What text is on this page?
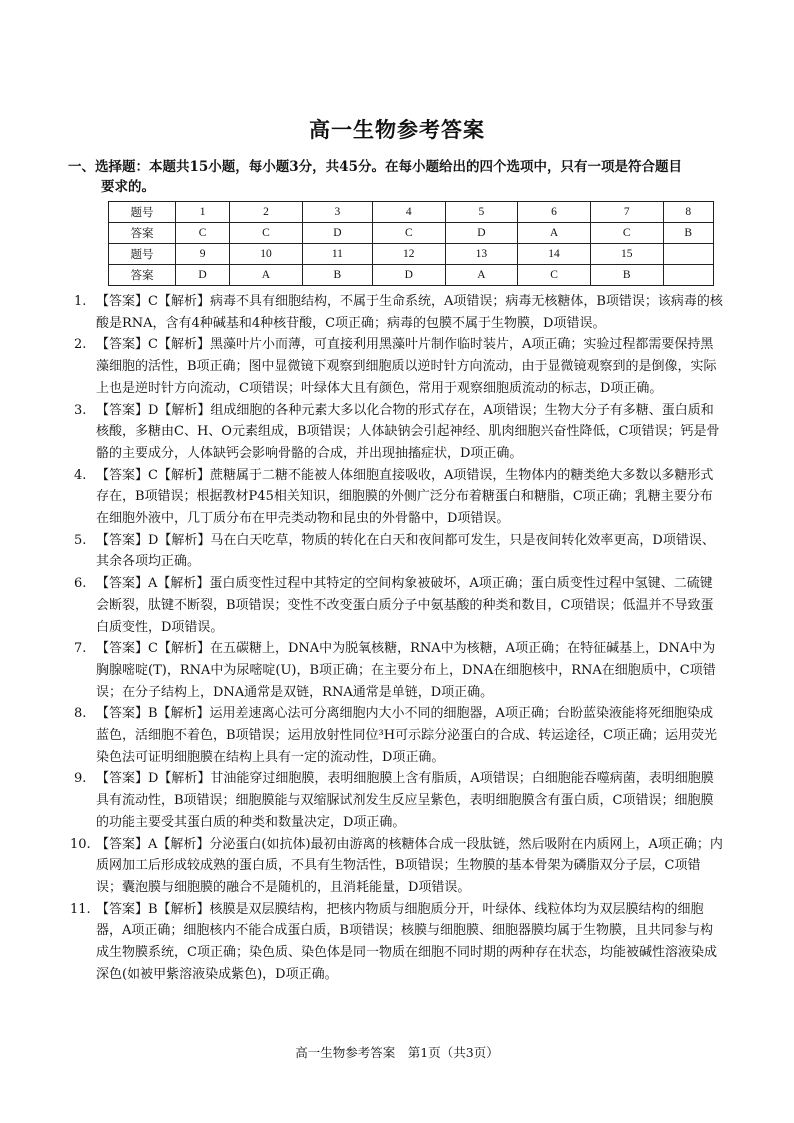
高一生物参考答案
一、选择题：本题共15小题，每小题3分，共45分。在每小题给出的四个选项中，只有一项是符合题目
要求的。
题号	1	2	3	4	5	6	7	8
答案	C	C	D	C	D	A	C	B
题号	9	10	11	12	13	14	15	
答案	D	A	B	D	A	C	B	
1. 【答案】C【解析】病毒不具有细胞结构，不属于生命系统，A项错误；病毒无核糖体，B项错误；该病毒的核酸是RNA，含有4种碱基和4种核苷酸，C项正确；病毒的包膜不属于生物膜，D项错误。
2. 【答案】C【解析】黑藻叶片小而薄，可直接利用黑藻叶片制作临时装片，A项正确；实验过程都需要保持黑藻细胞的活性，B项正确；图中显微镜下观察到细胞质以逆时针方向流动，由于显微镜观察到的是倒像，实际上也是逆时针方向流动，C项错误；叶绿体大且有颜色，常用于观察细胞质流动的标志，D项正确。
3. 【答案】D【解析】组成细胞的各种元素大多以化合物的形式存在，A项错误；生物大分子有多糖、蛋白质和核酸，多糖由C、H、O元素组成，B项错误；人体缺钠会引起神经、肌肉细胞兴奋性降低，C项错误；钙是骨骼的主要成分，人体缺钙会影响骨骼的合成，并出现抽搐症状，D项正确。
4. 【答案】C【解析】蔗糖属于二糖不能被人体细胞直接吸收，A项错误，生物体内的糖类绝大多数以多糖形式存在，B项错误；根据教材P45相关知识，细胞膜的外侧广泛分布着糖蛋白和糖脂，C项正确；乳糖主要分布在细胞外液中，几丁质分布在甲壳类动物和昆虫的外骨骼中，D项错误。
5. 【答案】D【解析】马在白天吃草，物质的转化在白天和夜间都可发生，只是夜间转化效率更高，D项错误、其余各项均正确。
6. 【答案】A【解析】蛋白质变性过程中其特定的空间构象被破坏，A项正确；蛋白质变性过程中氢键、二硫键会断裂，肽键不断裂，B项错误；变性不改变蛋白质分子中氨基酸的种类和数目，C项错误；低温并不导致蛋白质变性，D项错误。
7. 【答案】C【解析】在五碳糖上，DNA中为脱氧核糖，RNA中为核糖，A项正确；在特征碱基上，DNA中为胸腺嘧啶(T)，RNA中为尿嘧啶(U)，B项正确；在主要分布上，DNA在细胞核中，RNA在细胞质中，C项错误；在分子结构上，DNA通常是双链，RNA通常是单链，D项正确。
8. 【答案】B【解析】运用差速离心法可分离细胞内大小不同的细胞器，A项正确；台盼蓝染液能将死细胞染成蓝色，活细胞不着色，B项错误；运用放射性同位³H可示踪分泌蛋白的合成、转运途径，C项正确；运用荧光染色法可证明细胞膜在结构上具有一定的流动性，D项正确。
9. 【答案】D【解析】甘油能穿过细胞膜，表明细胞膜上含有脂质，A项错误；白细胞能吞噬病菌，表明细胞膜具有流动性，B项错误；细胞膜能与双缩脲试剂发生反应呈紫色，表明细胞膜含有蛋白质，C项错误；细胞膜的功能主要受其蛋白质的种类和数量决定，D项正确。
10. 【答案】A【解析】分泌蛋白(如抗体)最初由游离的核糖体合成一段肽链，然后吸附在内质网上，A项正确；内质网加工后形成较成熟的蛋白质，不具有生物活性，B项错误；生物膜的基本骨架为磷脂双分子层，C项错误；囊泡膜与细胞膜的融合不是随机的，且消耗能量，D项错误。
11. 【答案】B【解析】核膜是双层膜结构，把核内物质与细胞质分开，叶绿体、线粒体均为双层膜结构的细胞器，A项正确；细胞核内不能合成蛋白质，B项错误；核膜与细胞膜、细胞器膜均属于生物膜，且共同参与构成生物膜系统，C项正确；染色质、染色体是同一物质在细胞不同时期的两种存在状态，均能被碱性溶液染成深色(如被甲紫溶液染成紫色)，D项正确。
高一生物参考答案　第1页（共3页）
